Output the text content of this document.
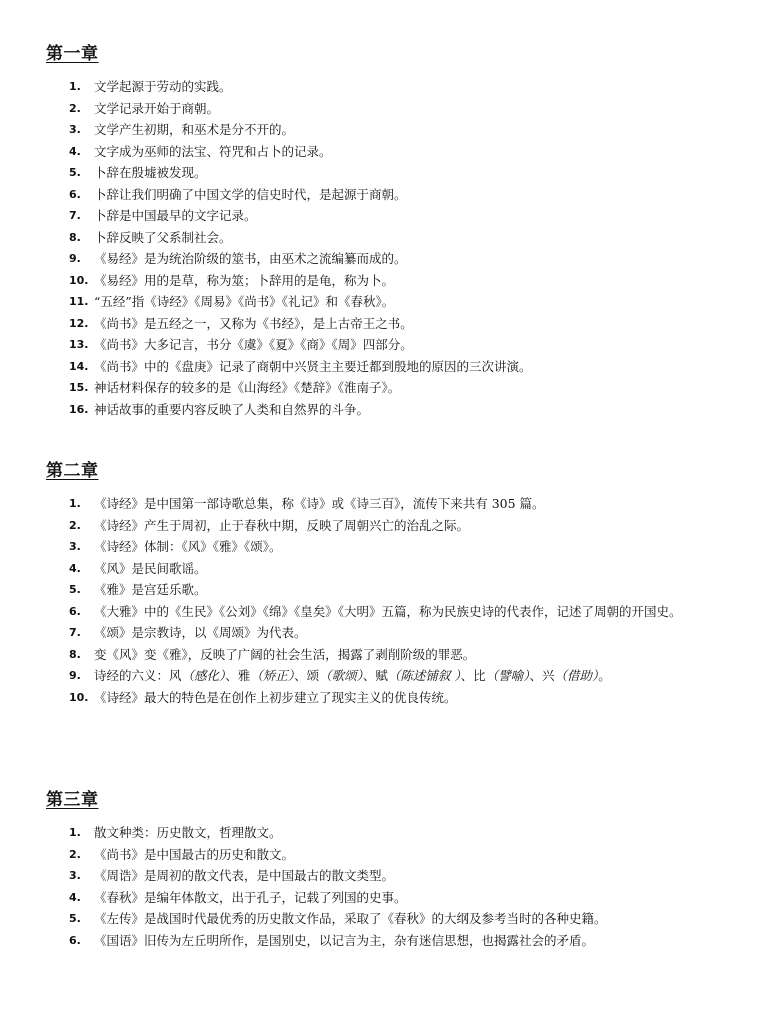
第一章
1.	文学起源于劳动的实践。
2.	文学记录开始于商朝。
3.	文学产生初期，和巫术是分不开的。
4.	文字成为巫师的法宝、符咒和占卜的记录。
5.	卜辞在殷墟被发现。
6.	卜辞让我们明确了中国文学的信史时代，是起源于商朝。
7.	卜辞是中国最早的文字记录。
8.	卜辞反映了父系制社会。
9.	《易经》是为统治阶级的筮书，由巫术之流编纂而成的。
10. 《易经》用的是草，称为筮；卜辞用的是龟，称为卜。
11. “五经”指《诗经》《周易》《尚书》《礼记》和《春秋》。
12. 《尚书》是五经之一，又称为《书经》，是上古帝王之书。
13. 《尚书》大多记言，书分《虞》《夏》《商》《周》四部分。
14. 《尚书》中的《盘庚》记录了商朝中兴贤主主要迁都到殷地的原因的三次讲演。
15. 神话材料保存的较多的是《山海经》《楚辞》《淮南子》。
16. 神话故事的重要内容反映了人类和自然界的斗争。
第二章
1.	《诗经》是中国第一部诗歌总集，称《诗》或《诗三百》，流传下来共有 305 篇。
2.	《诗经》产生于周初，止于春秋中期，反映了周朝兴亡的治乱之际。
3.	《诗经》体制：《风》《雅》《颂》。
4.	《风》是民间歌谣。
5.	《雅》是宫廷乐歌。
6.	《大雅》中的《生民》《公刘》《绵》《皇矣》《大明》五篇，称为民族史诗的代表作，记述了周朝的开国史。
7.	《颂》是宗教诗，以《周颂》为代表。
8.	变《风》变《雅》，反映了广阔的社会生活，揭露了剥削阶级的罪恶。
9.	诗经的六义：风（感化）、雅（矫正）、颂（歌颂）、赋（陈述铺叙 ）、比（譬喻）、兴（借助）。
10. 《诗经》最大的特色是在创作上初步建立了现实主义的优良传统。
第三章
1.	散文种类：历史散文，哲理散文。
2.	《尚书》是中国最古的历史和散文。
3.	《周诰》是周初的散文代表，是中国最古的散文类型。
4.	《春秋》是编年体散文，出于孔子，记载了列国的史事。
5.	《左传》是战国时代最优秀的历史散文作品，采取了《春秋》的大纲及参考当时的各种史籍。
6.	《国语》旧传为左丘明所作，是国别史，以记言为主，杂有迷信思想，也揭露社会的矛盾。
